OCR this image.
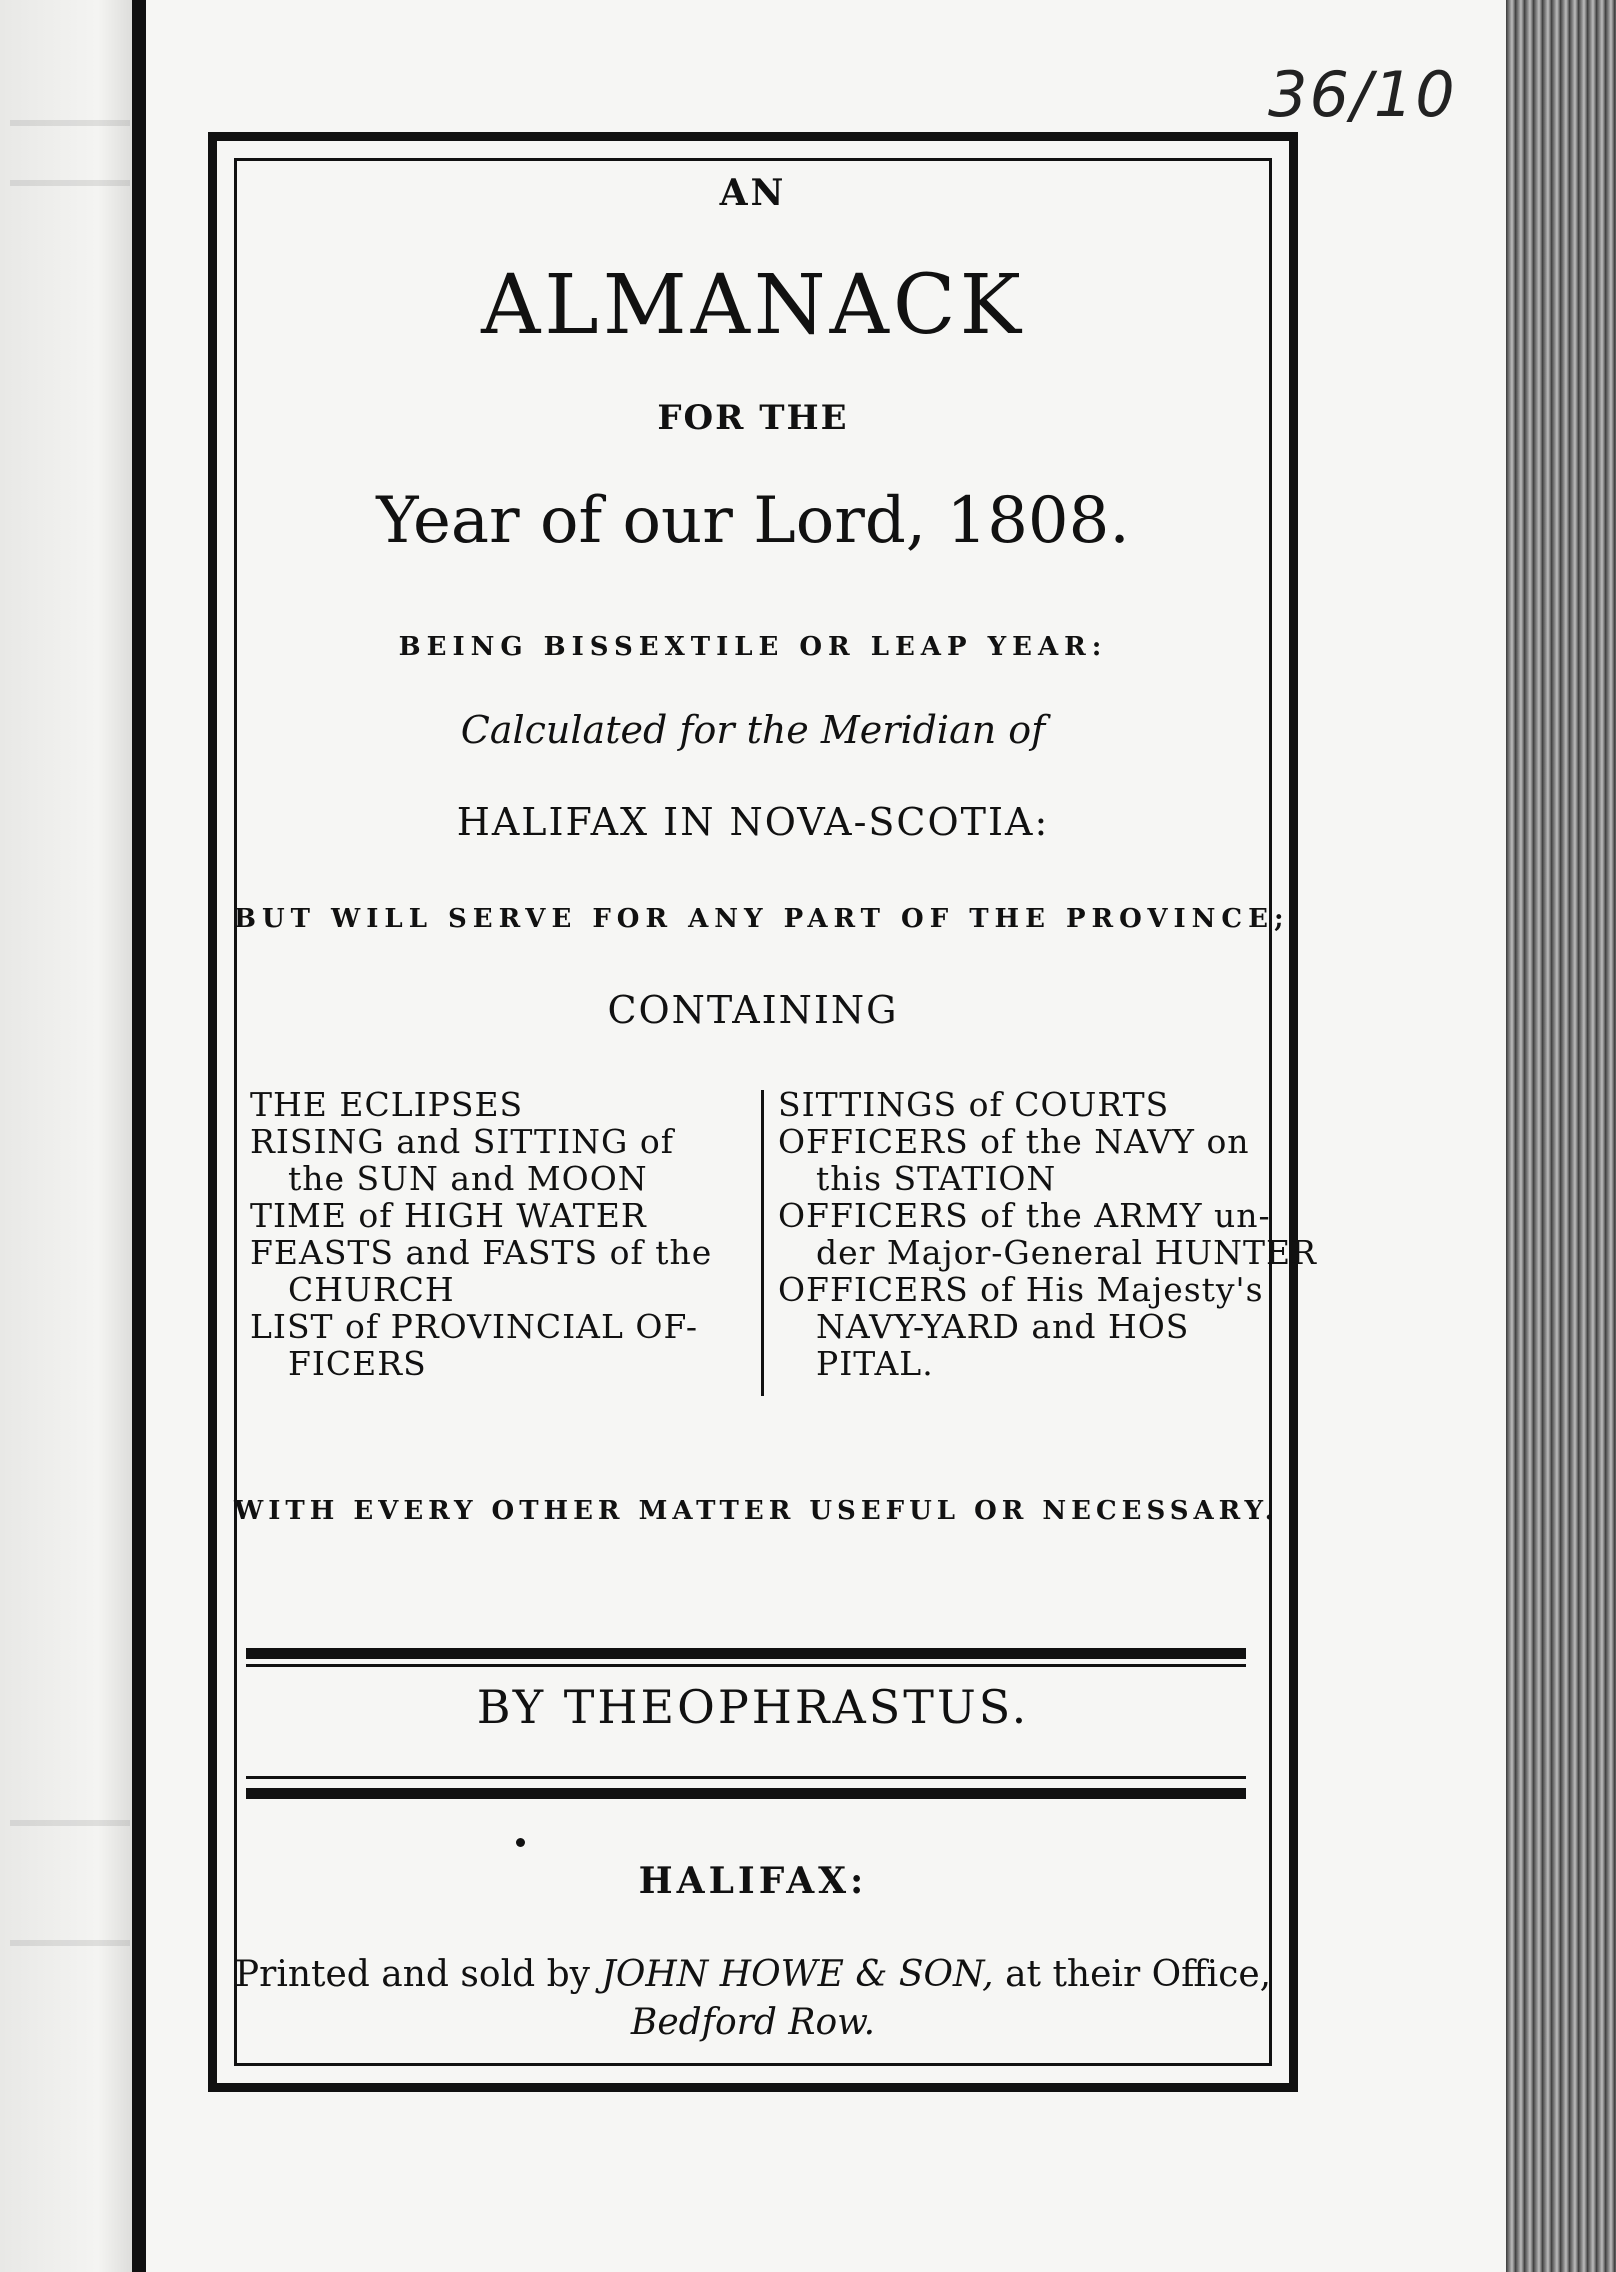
36/10
AN
ALMANACK
FOR THE
Year of our Lord, 1808.
BEING BISSEXTILE OR LEAP YEAR:
Calculated for the Meridian of
HALIFAX IN NOVA-SCOTIA:
BUT WILL SERVE FOR ANY PART OF THE PROVINCE;
CONTAINING
THE ECLIPSES
RISING and SITTING of
the SUN and MOON
TIME of HIGH WATER
FEASTS and FASTS of the
CHURCH
LIST of PROVINCIAL OF-
FICERS
SITTINGS of COURTS
OFFICERS of the NAVY on
this STATION
OFFICERS of the ARMY un-
der Major-General HUNTER
OFFICERS of His Majesty's
NAVY-YARD and HOS
PITAL.
WITH EVERY OTHER MATTER USEFUL OR NECESSARY.
BY THEOPHRASTUS.
HALIFAX:
Printed and sold by JOHN HOWE & SON, at their Office,
Bedford Row.
